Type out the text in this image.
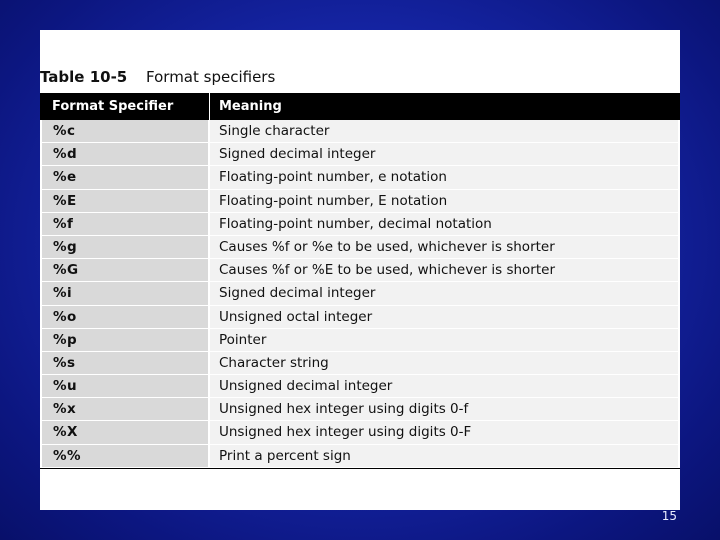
Table 10-5 Format specifiers
Format Specifier	Meaning
%c	Single character
%d	Signed decimal integer
%e	Floating-point number, e notation
%E	Floating-point number, E notation
%f	Floating-point number, decimal notation
%g	Causes %f or %e to be used, whichever is shorter
%G	Causes %f or %E to be used, whichever is shorter
%i	Signed decimal integer
%o	Unsigned octal integer
%p	Pointer
%s	Character string
%u	Unsigned decimal integer
%x	Unsigned hex integer using digits 0-f
%X	Unsigned hex integer using digits 0-F
%%	Print a percent sign
15
